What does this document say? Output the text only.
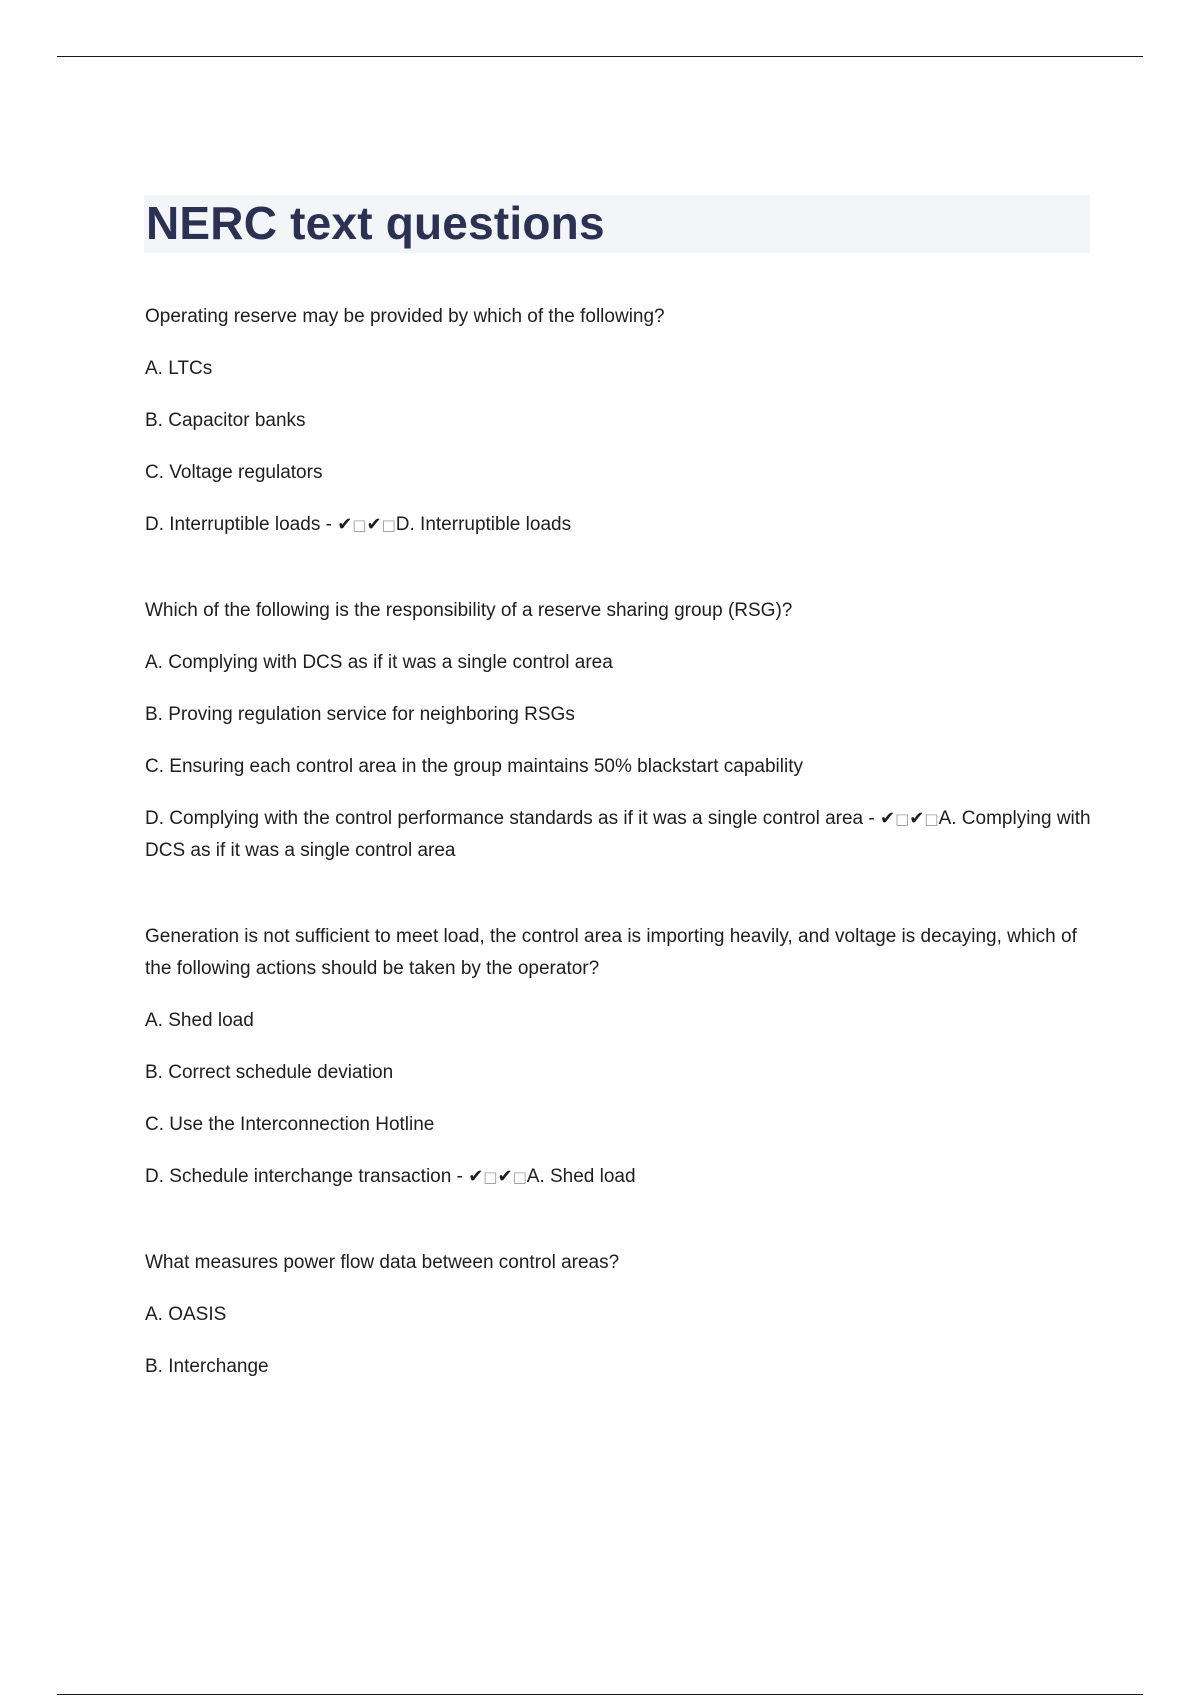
NERC text questions

Operating reserve may be provided by which of the following?

A. LTCs

B. Capacitor banks

C. Voltage regulators

D. Interruptible loads - ✔□✔□D. Interruptible loads

Which of the following is the responsibility of a reserve sharing group (RSG)?

A. Complying with DCS as if it was a single control area

B. Proving regulation service for neighboring RSGs

C. Ensuring each control area in the group maintains 50% blackstart capability

D. Complying with the control performance standards as if it was a single control area - ✔□✔□A. Complying with DCS as if it was a single control area

Generation is not sufficient to meet load, the control area is importing heavily, and voltage is decaying, which of the following actions should be taken by the operator?

A. Shed load

B. Correct schedule deviation

C. Use the Interconnection Hotline

D. Schedule interchange transaction - ✔□✔□A. Shed load

What measures power flow data between control areas?

A. OASIS

B. Interchange
